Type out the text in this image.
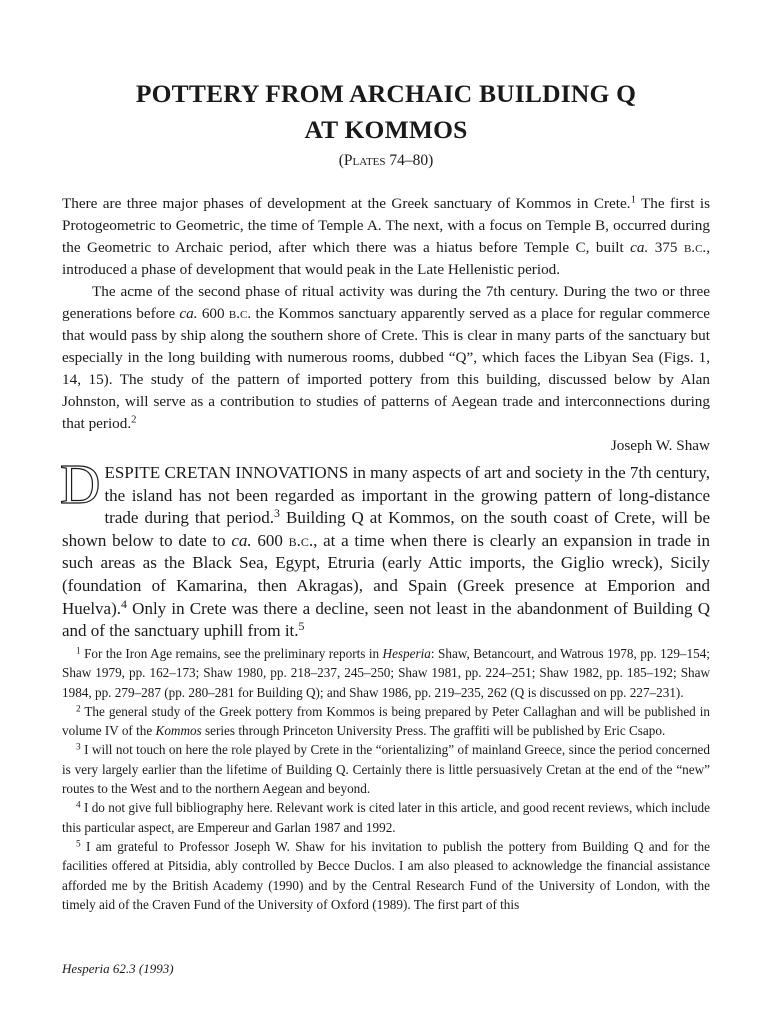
POTTERY FROM ARCHAIC BUILDING Q
AT KOMMOS
(Plates 74–80)

There are three major phases of development at the Greek sanctuary of Kommos in Crete.$^1$ The first is Protogeometric to Geometric, the time of Temple A. The next, with a focus on Temple B, occurred during the Geometric to Archaic period, after which there was a hiatus before Temple C, built ca. 375 b.c., introduced a phase of development that would peak in the Late Hellenistic period.

The acme of the second phase of ritual activity was during the 7th century. During the two or three generations before ca. 600 b.c. the Kommos sanctuary apparently served as a place for regular commerce that would pass by ship along the southern shore of Crete. This is clear in many parts of the sanctuary but especially in the long building with numerous rooms, dubbed “Q”, which faces the Libyan Sea (Figs. 1, 14, 15). The study of the pattern of imported pottery from this building, discussed below by Alan Johnston, will serve as a contribution to studies of patterns of Aegean trade and interconnections during that period.$^2$

Joseph W. Shaw

DESPITE CRETAN INNOVATIONS in many aspects of art and society in the 7th century, the island has not been regarded as important in the growing pattern of long-distance trade during that period.$^3$ Building Q at Kommos, on the south coast of Crete, will be shown below to date to ca. 600 b.c., at a time when there is clearly an expansion in trade in such areas as the Black Sea, Egypt, Etruria (early Attic imports, the Giglio wreck), Sicily (foundation of Kamarina, then Akragas), and Spain (Greek presence at Emporion and Huelva).$^4$ Only in Crete was there a decline, seen not least in the abandonment of Building Q and of the sanctuary uphill from it.$^5$

$^1$ For the Iron Age remains, see the preliminary reports in Hesperia: Shaw, Betancourt, and Watrous 1978, pp. 129–154; Shaw 1979, pp. 162–173; Shaw 1980, pp. 218–237, 245–250; Shaw 1981, pp. 224–251; Shaw 1982, pp. 185–192; Shaw 1984, pp. 279–287 (pp. 280–281 for Building Q); and Shaw 1986, pp. 219–235, 262 (Q is discussed on pp. 227–231).

$^2$ The general study of the Greek pottery from Kommos is being prepared by Peter Callaghan and will be published in volume IV of the Kommos series through Princeton University Press. The graffiti will be published by Eric Csapo.

$^3$ I will not touch on here the role played by Crete in the “orientalizing” of mainland Greece, since the period concerned is very largely earlier than the lifetime of Building Q. Certainly there is little persuasively Cretan at the end of the “new” routes to the West and to the northern Aegean and beyond.

$^4$ I do not give full bibliography here. Relevant work is cited later in this article, and good recent reviews, which include this particular aspect, are Empereur and Garlan 1987 and 1992.

$^5$ I am grateful to Professor Joseph W. Shaw for his invitation to publish the pottery from Building Q and for the facilities offered at Pitsidia, ably controlled by Becce Duclos. I am also pleased to acknowledge the financial assistance afforded me by the British Academy (1990) and by the Central Research Fund of the University of London, with the timely aid of the Craven Fund of the University of Oxford (1989). The first part of this

Hesperia 62.3 (1993)
